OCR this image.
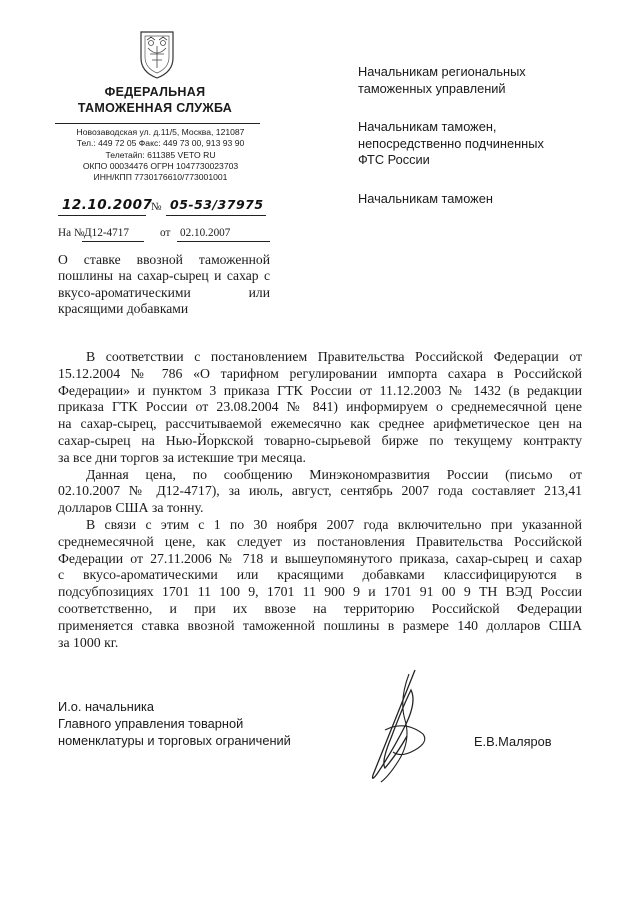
ФЕДЕРАЛЬНАЯ
ТАМОЖЕННАЯ СЛУЖБА
Новозаводская ул. д.11/5, Москва, 121087
Тел.: 449 72 05 Факс: 449 73 00, 913 93 90
Телетайп: 611385 VETO RU
ОКПО 00034476 ОГРН 1047730023703
ИНН/КПП 7730176610/773001001
12.10.2007
№ 05-53/37975
На № Д12-4717	от 02.10.2007
О ставке ввозной таможенной
пошлины на сахар-сырец и сахар с
вкусо-ароматическими или
красящими добавками

Начальникам региональных
таможенных управлений

Начальникам таможен,
непосредственно подчиненных
ФТС России

Начальникам таможен

В соответствии с постановлением Правительства Российской Федерации от
15.12.2004 № 786 «О тарифном регулировании импорта сахара в Российской
Федерации» и пунктом 3 приказа ГТК России от 11.12.2003 № 1432 (в редакции
приказа ГТК России от 23.08.2004 № 841) информируем о среднемесячной цене
на сахар-сырец, рассчитываемой ежемесячно как среднее арифметическое цен на
сахар-сырец на Нью-Йоркской товарно-сырьевой бирже по текущему контракту
за все дни торгов за истекшие три месяца.

Данная цена, по сообщению Минэкономразвития России (письмо от
02.10.2007 № Д12-4717), за июль, август, сентябрь 2007 года составляет 213,41
долларов США за тонну.

В связи с этим с 1 по 30 ноября 2007 года включительно при указанной
среднемесячной цене, как следует из постановления Правительства Российской
Федерации от 27.11.2006 № 718 и вышеупомянутого приказа, сахар-сырец и сахар
с вкусо-ароматическими или красящими добавками классифицируются в
подсубпозициях 1701 11 100 9, 1701 11 900 9 и 1701 91 00 9 ТН ВЭД России
соответственно, и при их ввозе на территорию Российской Федерации
применяется ставка ввозной таможенной пошлины в размере 140 долларов США
за 1000 кг.

И.о. начальника
Главного управления товарной
номенклатуры и торговых ограничений	Е.В.Маляров
